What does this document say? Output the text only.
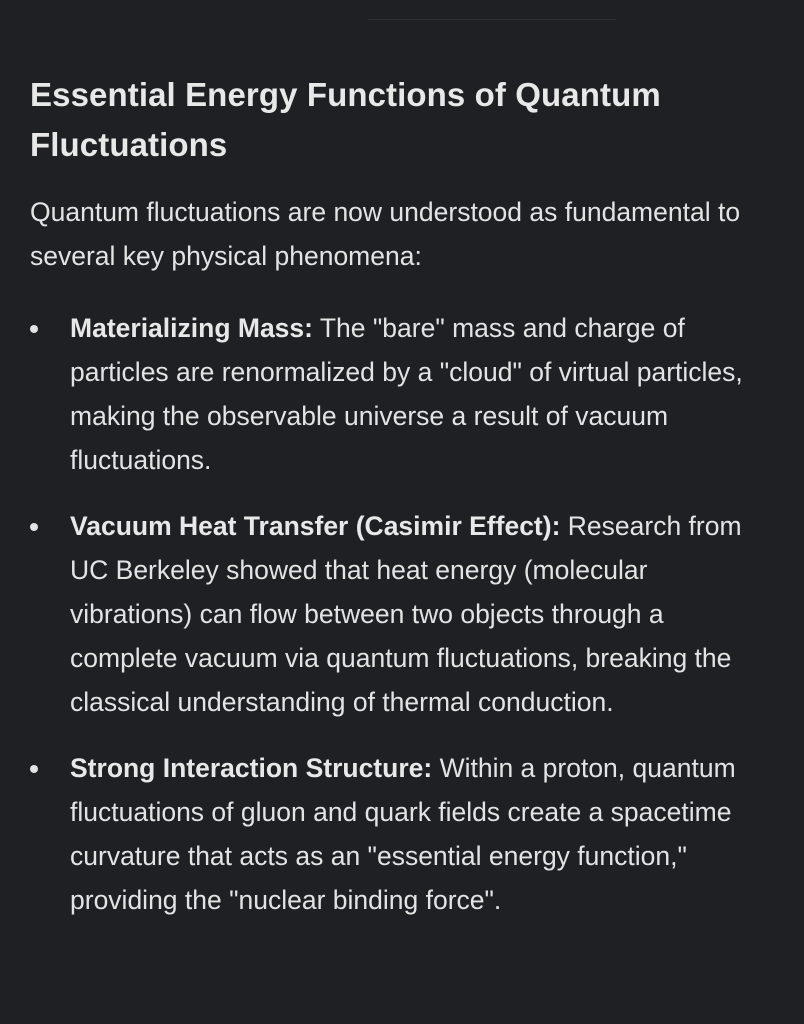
Essential Energy Functions of Quantum Fluctuations

Quantum fluctuations are now understood as fundamental to several key physical phenomena:

Materializing Mass: The "bare" mass and charge of particles are renormalized by a "cloud" of virtual particles, making the observable universe a result of vacuum fluctuations.
Vacuum Heat Transfer (Casimir Effect): Research from UC Berkeley showed that heat energy (molecular vibrations) can flow between two objects through a complete vacuum via quantum fluctuations, breaking the classical understanding of thermal conduction.
Strong Interaction Structure: Within a proton, quantum fluctuations of gluon and quark fields create a spacetime curvature that acts as an "essential energy function," providing the "nuclear binding force".
